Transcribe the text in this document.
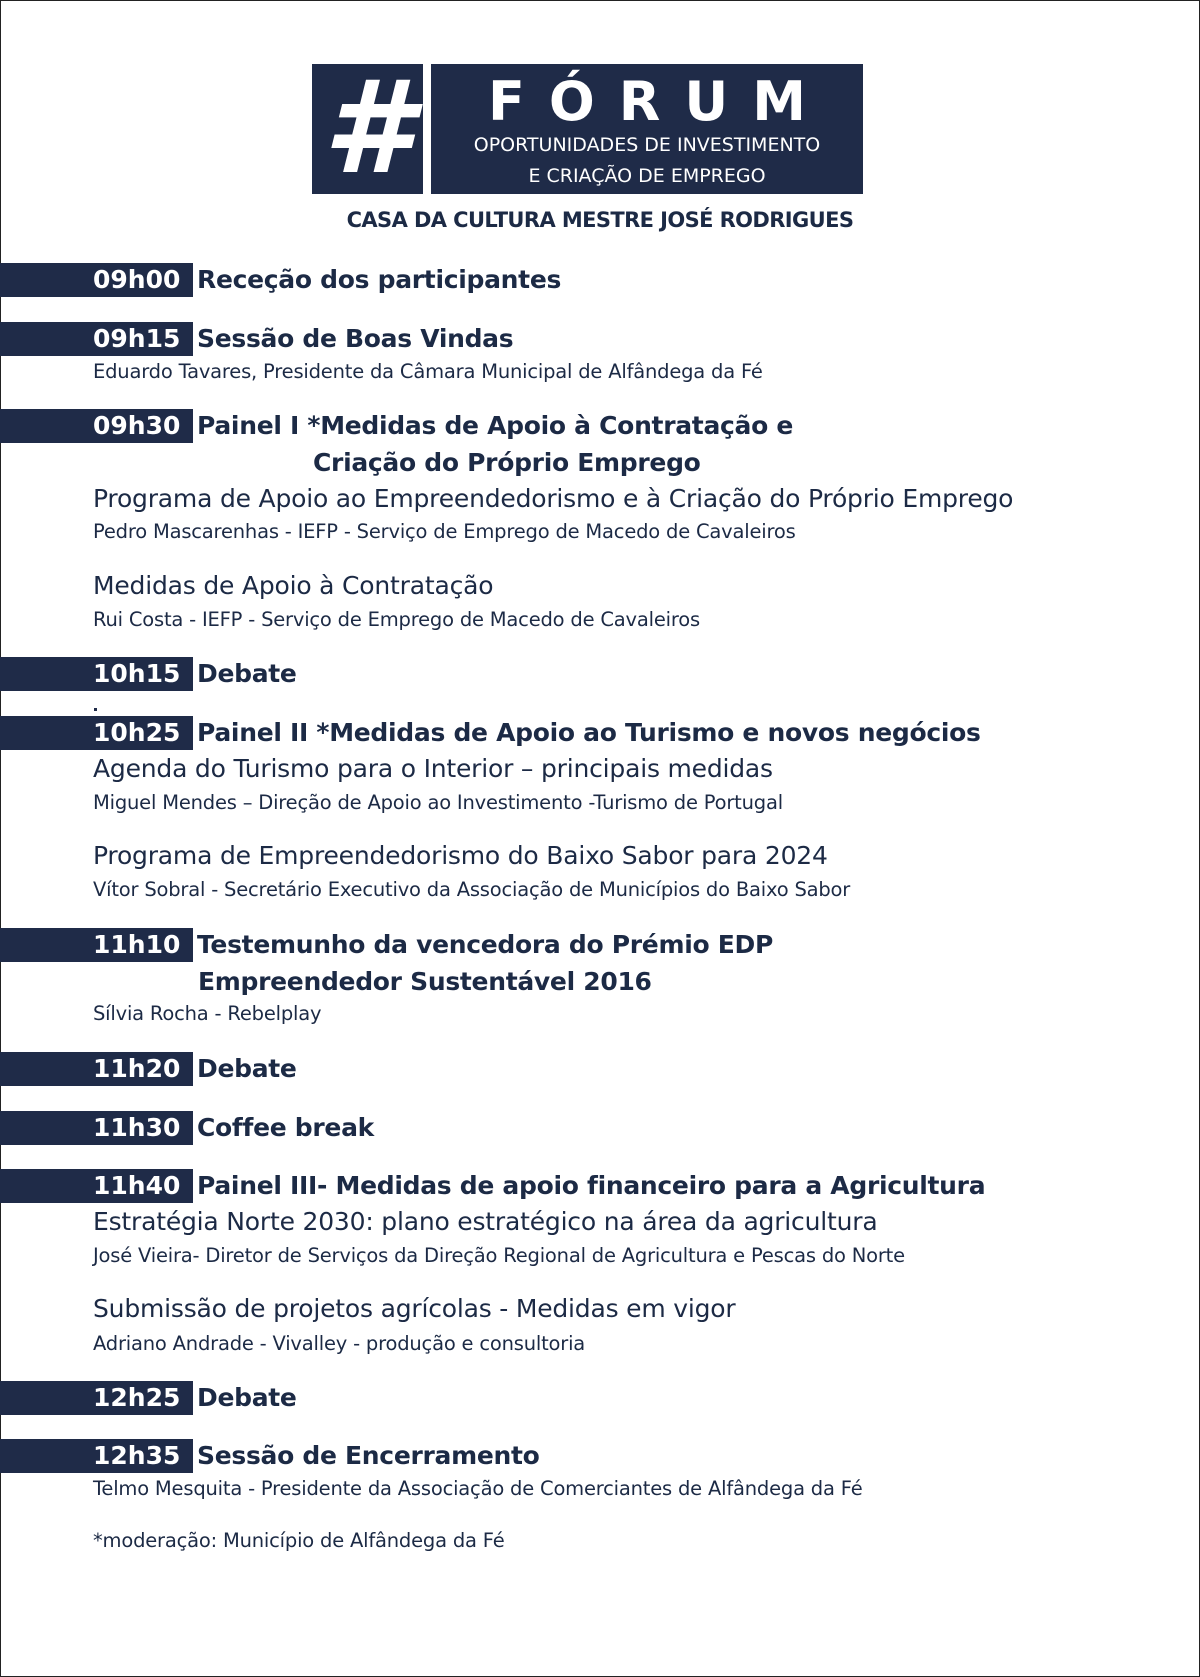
#	FÓRUM
OPORTUNIDADES DE INVESTIMENTO
E CRIAÇÃO DE EMPREGO
CASA DA CULTURA MESTRE JOSÉ RODRIGUES
09h00 Receção dos participantes
09h15 Sessão de Boas Vindas
Eduardo Tavares, Presidente da Câmara Municipal de Alfândega da Fé
09h30 Painel I *Medidas de Apoio à Contratação e
Criação do Próprio Emprego
Programa de Apoio ao Empreendedorismo e à Criação do Próprio Emprego
Pedro Mascarenhas - IEFP - Serviço de Emprego de Macedo de Cavaleiros
Medidas de Apoio à Contratação
Rui Costa - IEFP - Serviço de Emprego de Macedo de Cavaleiros
10h15 Debate
10h25 Painel II *Medidas de Apoio ao Turismo e novos negócios
Agenda do Turismo para o Interior – principais medidas
Miguel Mendes – Direção de Apoio ao Investimento -Turismo de Portugal
Programa de Empreendedorismo do Baixo Sabor para 2024
Vítor Sobral - Secretário Executivo da Associação de Municípios do Baixo Sabor
11h10 Testemunho da vencedora do Prémio EDP
Empreendedor Sustentável 2016
Sílvia Rocha - Rebelplay
11h20 Debate
11h30 Coffee break
11h40 Painel III- Medidas de apoio financeiro para a Agricultura
Estratégia Norte 2030: plano estratégico na área da agricultura
José Vieira- Diretor de Serviços da Direção Regional de Agricultura e Pescas do Norte
Submissão de projetos agrícolas - Medidas em vigor
Adriano Andrade - Vivalley - produção e consultoria
12h25 Debate
12h35 Sessão de Encerramento
Telmo Mesquita - Presidente da Associação de Comerciantes de Alfândega da Fé
*moderação: Município de Alfândega da Fé
